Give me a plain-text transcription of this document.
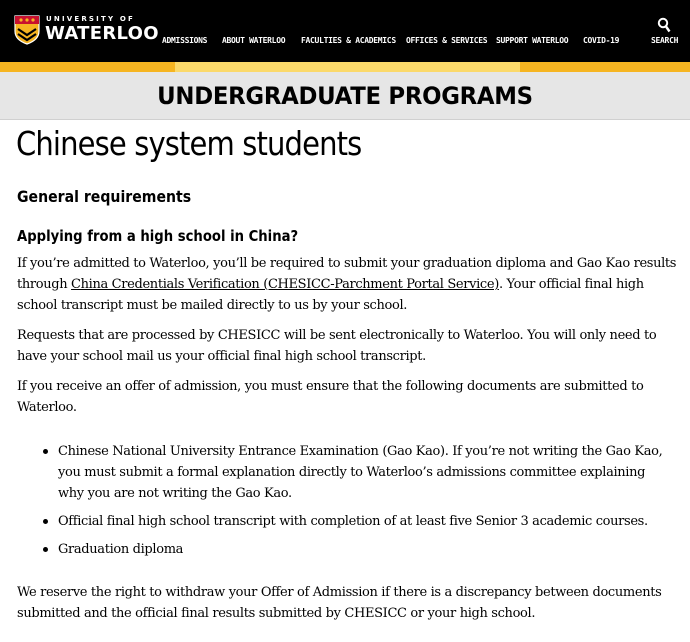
UNIVERSITY OF
WATERLOO ADMISSIONS ABOUT WATERLOO FACULTIES & ACADEMICS OFFICES & SERVICES SUPPORT WATERLOO COVID-19	SEARCH
UNDERGRADUATE PROGRAMS
Chinese system students
General requirements
Applying from a high school in China?

If you’re admitted to Waterloo, you’ll be required to submit your graduation diploma and Gao Kao results through China Credentials Verification (CHESICC-Parchment Portal Service). Your official final high school transcript must be mailed directly to us by your school.

Requests that are processed by CHESICC will be sent electronically to Waterloo. You will only need to have your school mail us your official final high school transcript.

If you receive an offer of admission, you must ensure that the following documents are submitted to Waterloo.

Chinese National University Entrance Examination (Gao Kao). If you’re not writing the Gao Kao, you must submit a formal explanation directly to Waterloo’s admissions committee explaining why you are not writing the Gao Kao.
Official final high school transcript with completion of at least five Senior 3 academic courses.
Graduation diploma

We reserve the right to withdraw your Offer of Admission if there is a discrepancy between documents submitted and the official final results submitted by CHESICC or your high school.
